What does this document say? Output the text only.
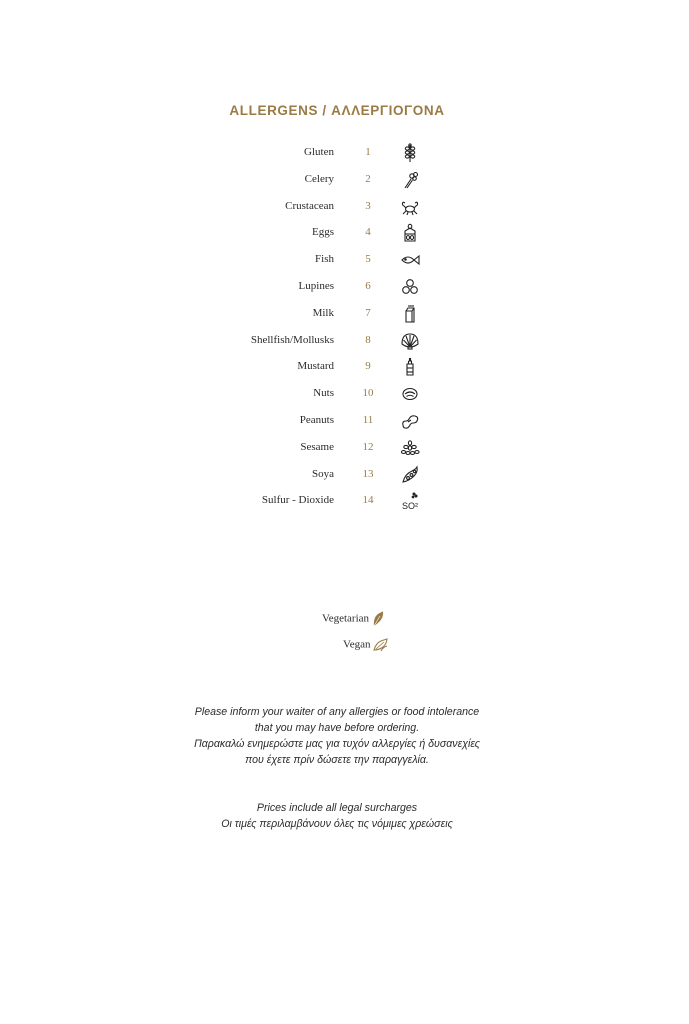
ALLERGENS / ΑΛΛΕΡΓΙΟΓΟΝΑ
Gluten	1
Celery	2
Crustacean	3
Eggs	4
Fish	5
Lupines	6
Milk	7
Shellfish/Mollusks	8
Mustard	9
Nuts	10
Peanuts	11
Sesame	12
Soya	13
Sulfur - Dioxide	14	SO²
Vegetarian
Vegan
Please inform your waiter of any allergies or food intolerance
that you may have before ordering.
Παρακαλώ ενημερώστε μας για τυχόν αλλεργίες ή δυσανεχίες
που έχετε πρίν δώσετε την παραγγελία.
Prices include all legal surcharges
Οι τιμές περιλαμβάνουν όλες τις νόμιμες χρεώσεις
